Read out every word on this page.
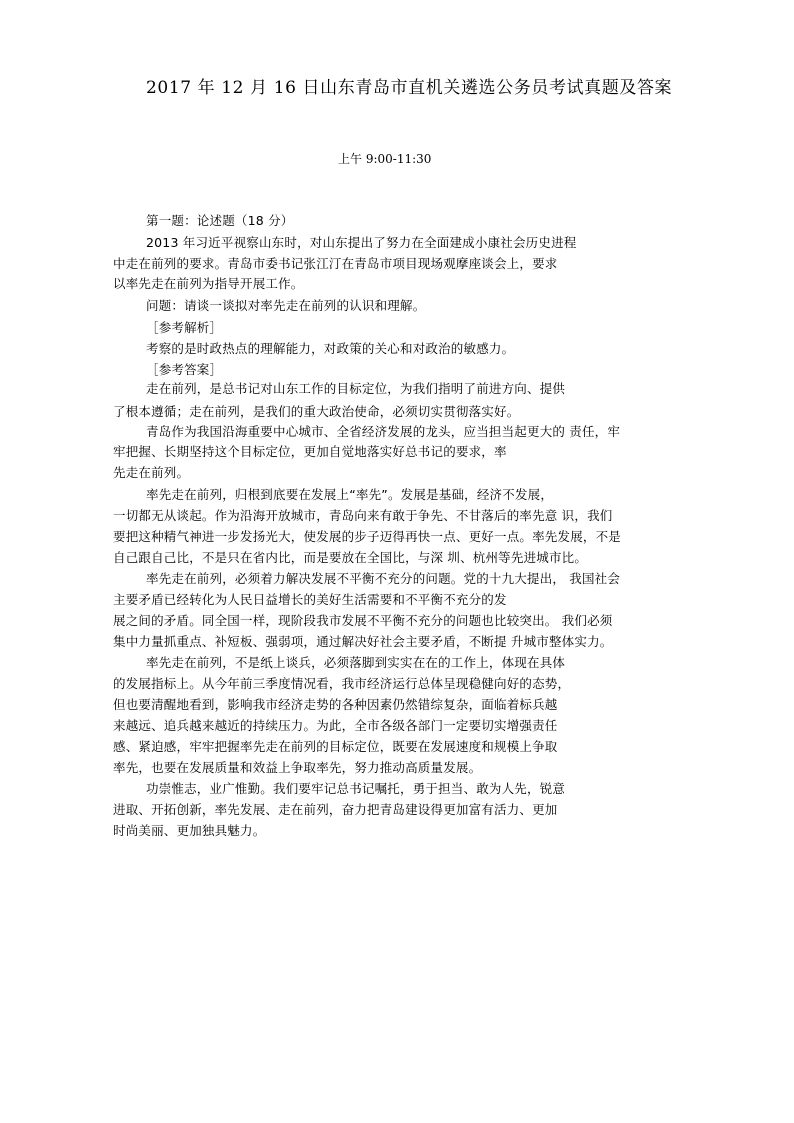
2017 年 12 月 16 日山东青岛市直机关遴选公务员考试真题及答案
上午 9:00-11:30
第一题：论述题（18 分）
2013 年习近平视察山东时，对山东提出了努力在全面建成小康社会历史进程
中走在前列的要求。青岛市委书记张江汀在青岛市项目现场观摩座谈会上，要求
以率先走在前列为指导开展工作。
问题：请谈一谈拟对率先走在前列的认识和理解。
［参考解析］
考察的是时政热点的理解能力，对政策的关心和对政治的敏感力。
［参考答案］
走在前列，是总书记对山东工作的目标定位，为我们指明了前进方向、提供
了根本遵循；走在前列，是我们的重大政治使命，必须切实贯彻落实好。
青岛作为我国沿海重要中心城市、全省经济发展的龙头，应当担当起更大的 责任，牢
牢把握、长期坚持这个目标定位，更加自觉地落实好总书记的要求，率
先走在前列。
率先走在前列，归根到底要在发展上“率先”。发展是基础，经济不发展，
一切都无从谈起。作为沿海开放城市，青岛向来有敢于争先、不甘落后的率先意 识，我们
要把这种精气神进一步发扬光大，使发展的步子迈得再快一点、更好一点。率先发展，不是
自己跟自己比，不是只在省内比，而是要放在全国比，与深 圳、杭州等先进城市比。
率先走在前列，必须着力解决发展不平衡不充分的问题。党的十九大提出， 我国社会
主要矛盾已经转化为人民日益增长的美好生活需要和不平衡不充分的发
展之间的矛盾。同全国一样，现阶段我市发展不平衡不充分的问题也比较突出。 我们必须
集中力量抓重点、补短板、强弱项，通过解决好社会主要矛盾，不断提 升城市整体实力。
率先走在前列，不是纸上谈兵，必须落脚到实实在在的工作上，体现在具体
的发展指标上。从今年前三季度情况看，我市经济运行总体呈现稳健向好的态势，
但也要清醒地看到，影响我市经济走势的各种因素仍然错综复杂，面临着标兵越
来越远、追兵越来越近的持续压力。为此，全市各级各部门一定要切实增强责任
感、紧迫感，牢牢把握率先走在前列的目标定位，既要在发展速度和规模上争取
率先，也要在发展质量和效益上争取率先，努力推动高质量发展。
功崇惟志，业广惟勤。我们要牢记总书记嘱托，勇于担当、敢为人先，锐意
进取、开拓创新，率先发展、走在前列，奋力把青岛建设得更加富有活力、更加
时尚美丽、更加独具魅力。
